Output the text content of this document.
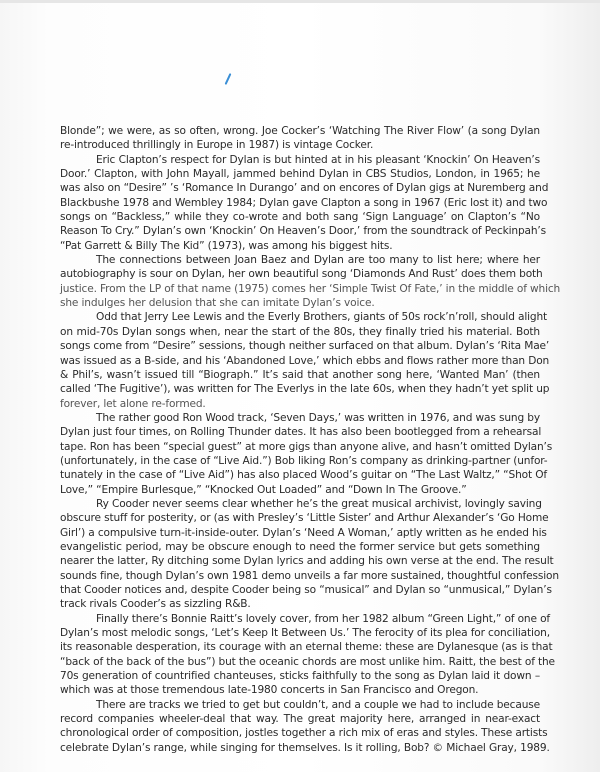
Blonde”; we were, as so often, wrong. Joe Cocker’s ‘Watching The River Flow’ (a song Dylan
re-introduced thrillingly in Europe in 1987) is vintage Cocker.
Eric Clapton’s respect for Dylan is but hinted at in his pleasant ‘Knockin’ On Heaven’s
Door.’ Clapton, with John Mayall, jammed behind Dylan in CBS Studios, London, in 1965; he
was also on “Desire” ’s ‘Romance In Durango’ and on encores of Dylan gigs at Nuremberg and
Blackbushe 1978 and Wembley 1984; Dylan gave Clapton a song in 1967 (Eric lost it) and two
songs on “Backless,” while they co-wrote and both sang ‘Sign Language’ on Clapton’s “No
Reason To Cry.” Dylan’s own ‘Knockin’ On Heaven’s Door,’ from the soundtrack of Peckinpah’s
“Pat Garrett & Billy The Kid” (1973), was among his biggest hits.
The connections between Joan Baez and Dylan are too many to list here; where her
autobiography is sour on Dylan, her own beautiful song ‘Diamonds And Rust’ does them both
justice. From the LP of that name (1975) comes her ‘Simple Twist Of Fate,’ in the middle of which
she indulges her delusion that she can imitate Dylan’s voice.
Odd that Jerry Lee Lewis and the Everly Brothers, giants of 50s rock’n’roll, should alight
on mid-70s Dylan songs when, near the start of the 80s, they finally tried his material. Both
songs come from “Desire” sessions, though neither surfaced on that album. Dylan’s ‘Rita Mae’
was issued as a B-side, and his ‘Abandoned Love,’ which ebbs and flows rather more than Don
& Phil’s, wasn’t issued till “Biograph.” It’s said that another song here, ‘Wanted Man’ (then
called ‘The Fugitive’), was written for The Everlys in the late 60s, when they hadn’t yet split up
forever, let alone re-formed.
The rather good Ron Wood track, ‘Seven Days,’ was written in 1976, and was sung by
Dylan just four times, on Rolling Thunder dates. It has also been bootlegged from a rehearsal
tape. Ron has been “special guest” at more gigs than anyone alive, and hasn’t omitted Dylan’s
(unfortunately, in the case of “Live Aid.”) Bob liking Ron’s company as drinking-partner (unfor-
tunately in the case of “Live Aid”) has also placed Wood’s guitar on “The Last Waltz,” “Shot Of
Love,” “Empire Burlesque,” “Knocked Out Loaded” and “Down In The Groove.”
Ry Cooder never seems clear whether he’s the great musical archivist, lovingly saving
obscure stuff for posterity, or (as with Presley’s ‘Little Sister’ and Arthur Alexander’s ‘Go Home
Girl’) a compulsive turn-it-inside-outer. Dylan’s ‘Need A Woman,’ aptly written as he ended his
evangelistic period, may be obscure enough to need the former service but gets something
nearer the latter, Ry ditching some Dylan lyrics and adding his own verse at the end. The result
sounds fine, though Dylan’s own 1981 demo unveils a far more sustained, thoughtful confession
that Cooder notices and, despite Cooder being so “musical” and Dylan so “unmusical,” Dylan’s
track rivals Cooder’s as sizzling R&B.
Finally there’s Bonnie Raitt’s lovely cover, from her 1982 album “Green Light,” of one of
Dylan’s most melodic songs, ‘Let’s Keep It Between Us.’ The ferocity of its plea for conciliation,
its reasonable desperation, its courage with an eternal theme: these are Dylanesque (as is that
“back of the back of the bus”) but the oceanic chords are most unlike him. Raitt, the best of the
70s generation of countrified chanteuses, sticks faithfully to the song as Dylan laid it down –
which was at those tremendous late-1980 concerts in San Francisco and Oregon.
There are tracks we tried to get but couldn’t, and a couple we had to include because
record companies wheeler-deal that way. The great majority here, arranged in near-exact
chronological order of composition, jostles together a rich mix of eras and styles. These artists
celebrate Dylan’s range, while singing for themselves. Is it rolling, Bob? © Michael Gray, 1989.
